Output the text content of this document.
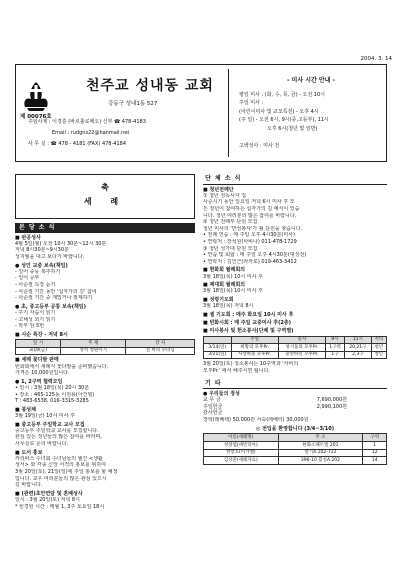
2004. 3. 14
제 00076호
천주교 성내동 교회
강동구 성내1동 527
주임사제 : 이경훈 (바르톨로메오) 신부 ☎ 478-4183
Email : rudgns22@hanmail.net
사 무 실 : ☎ 478 - 4181 (FAX) 478-4184
- 미사 시간 안내 -
평일 미사 : (화, 수, 목, 금) - 오전 10시
주일 미사 :
(어린이미사 및 교모특전) - 오후 4시
(주 일) - 오전 6시, 9시(중,고등부), 11시
오후 6시(청년 및 일반)

고백성사 : 미사 전
축
세 례
본 당 소 식
■ 판공성사
4월 5일(월) 오전 10시 30분~12시 30분
저녁 8시30분~9시30분
성지월을 대고 보다기 바랍니다.
● 성인 교중 보속(책임)
- 일어 중등 복추하기
- 일어 공부
- 사순절 특강 듣기
- 사순절 기간 동안 '십자가의 길' 참여
- 사순절 기간 중 재밌거나 절제하기
● 초, 중고등부 공통 보속(책임)
- 주기 자습서 읽기
- 고해성 외기 읽기
- 학부 암 5번
■ 사순 특강 - 저녁 8시
일 시	주 제	강 사
3/19(금)	영적 청원이기	전 바라 수녀님
■ 세례 꽃다발 판매
빈화회에서 세례식 꽃다발을 준비했습니다.
가격은 10,000원입니다.
● 1, 2구역 협력모임
• 일시 : 3월 18일(목) 20시 30분
• 장소 : 465-125동 이원용(아건델)
T : 483-6538, 016-3315-3285
■ 봉성체
3월 19일(금) 10시 미사 후
■ 중고등부 주일학교 교사 모집
중고등부 주일학교 교사를 모집합니다.
관심 있는 청년들의 많은 참여를 바라며,
사무실로 문의 바랍니다.
■ 도서 홍보
까리따스 수녀회 수녀님들의 월간 <생활
성서> 와 각종 신앙 서적의 홍보를 위하여
3월 20일(토), 21일(일)에 주일 홍보를 할 예정
입니다. 교우 여러분들의 많은 관심 있으시
길 바랍니다.
■ (관련)초안면담 및 혼배성사
일시 : 3월 20일(토) 저녁 8시
* 빈경된 시간 : 매월 1, 3주 토요일 18시
단 체 소 식
■ 청년전례단
① 청년 성독사자 집
사순시기 동안 일요일 저녁 6시 미사 후 모
든 청년이 참여하는 십자가의 길 예식이 있습
니다. 청년 여러분의 많은 참여를 바랍니다.
② 청년 전례부 단원 모집
청년 미사의 '반성봉사'가 될 단원을 찾습니다.
• 전례 연습 : 매 주일 오후 4시30분(미사)
• 연락처 : 장석원(사비나) 011-478-1729
③ 청년 성가대 단원 모집
• 연습 및 회합 : 매 주일 오후 4시30분(대성전)
• 연락처 : 김인근(라자로) 019-463-3412
■ 현화회 월례회의
3월 18일(목) 10시 미사 후
■ 제대회 월례회의
3월 18일(목) 10시 미사 후
■ 성령기도회
3월 18일(목) 저녁 8시
■ 셀 기도회 : 매주 화요일 10시 미사 후
■ 빈화시회 : 매 주일 교중미사 후(2층)
■ 미사봉사 및 헌소봉사(단체 및 구역별)
	주일	봉사	9시	11시	저녁
3/14(일)	희망의 모후Pr.	성시돌의 모후Pr.	1구역	20,21구	청년
3/21(일)	사랑하올 모후Pr.	충만하신 모후Pr.	1구	2,3구	청년
3월 20일(토) 청소봉사는 10구역과 '자비의
모후Pr.' 에서 해주시면 됩니다.
기 타
● 우리들의 정성
교 무 금	7,690,000원
주일헌금	2,990,100원
감사헌금
장학(레베테) 50,000원 서숙(레베터) 30,000원
◎ 전입을 환영합니다 (3/4~3/10)
이름(세례명)	주 소	구역
성창엽(세빈리아)	한화소폐트빌 201	1
천창호(미카엘)	딸기A.102-712	12
김상준(세례자요)	396-10 힐실A.202	14
